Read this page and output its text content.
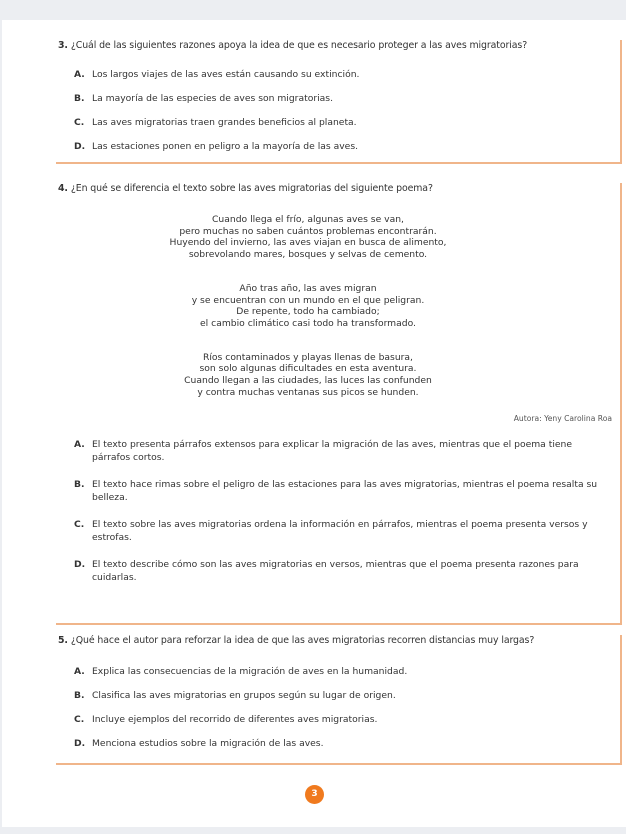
3. ¿Cuál de las siguientes razones apoya la idea de que es necesario proteger a las aves migratorias?
A. Los largos viajes de las aves están causando su extinción.
B. La mayoría de las especies de aves son migratorias.
C. Las aves migratorias traen grandes beneficios al planeta.
D. Las estaciones ponen en peligro a la mayoría de las aves.
4. ¿En qué se diferencia el texto sobre las aves migratorias del siguiente poema?
Cuando llega el frío, algunas aves se van,
pero muchas no saben cuántos problemas encontrarán.
Huyendo del invierno, las aves viajan en busca de alimento,
sobrevolando mares, bosques y selvas de cemento.
Año tras año, las aves migran
y se encuentran con un mundo en el que peligran.
De repente, todo ha cambiado;
el cambio climático casi todo ha transformado.
Ríos contaminados y playas llenas de basura,
son solo algunas dificultades en esta aventura.
Cuando llegan a las ciudades, las luces las confunden
y contra muchas ventanas sus picos se hunden.
Autora: Yeny Carolina Roa
A. El texto presenta párrafos extensos para explicar la migración de las aves, mientras que el poema tiene párrafos cortos.
B. El texto hace rimas sobre el peligro de las estaciones para las aves migratorias, mientras el poema resalta su belleza.
C. El texto sobre las aves migratorias ordena la información en párrafos, mientras el poema presenta versos y estrofas.
D. El texto describe cómo son las aves migratorias en versos, mientras que el poema presenta razones para cuidarlas.
5. ¿Qué hace el autor para reforzar la idea de que las aves migratorias recorren distancias muy largas?
A. Explica las consecuencias de la migración de aves en la humanidad.
B. Clasifica las aves migratorias en grupos según su lugar de origen.
C. Incluye ejemplos del recorrido de diferentes aves migratorias.
D. Menciona estudios sobre la migración de las aves.
3
